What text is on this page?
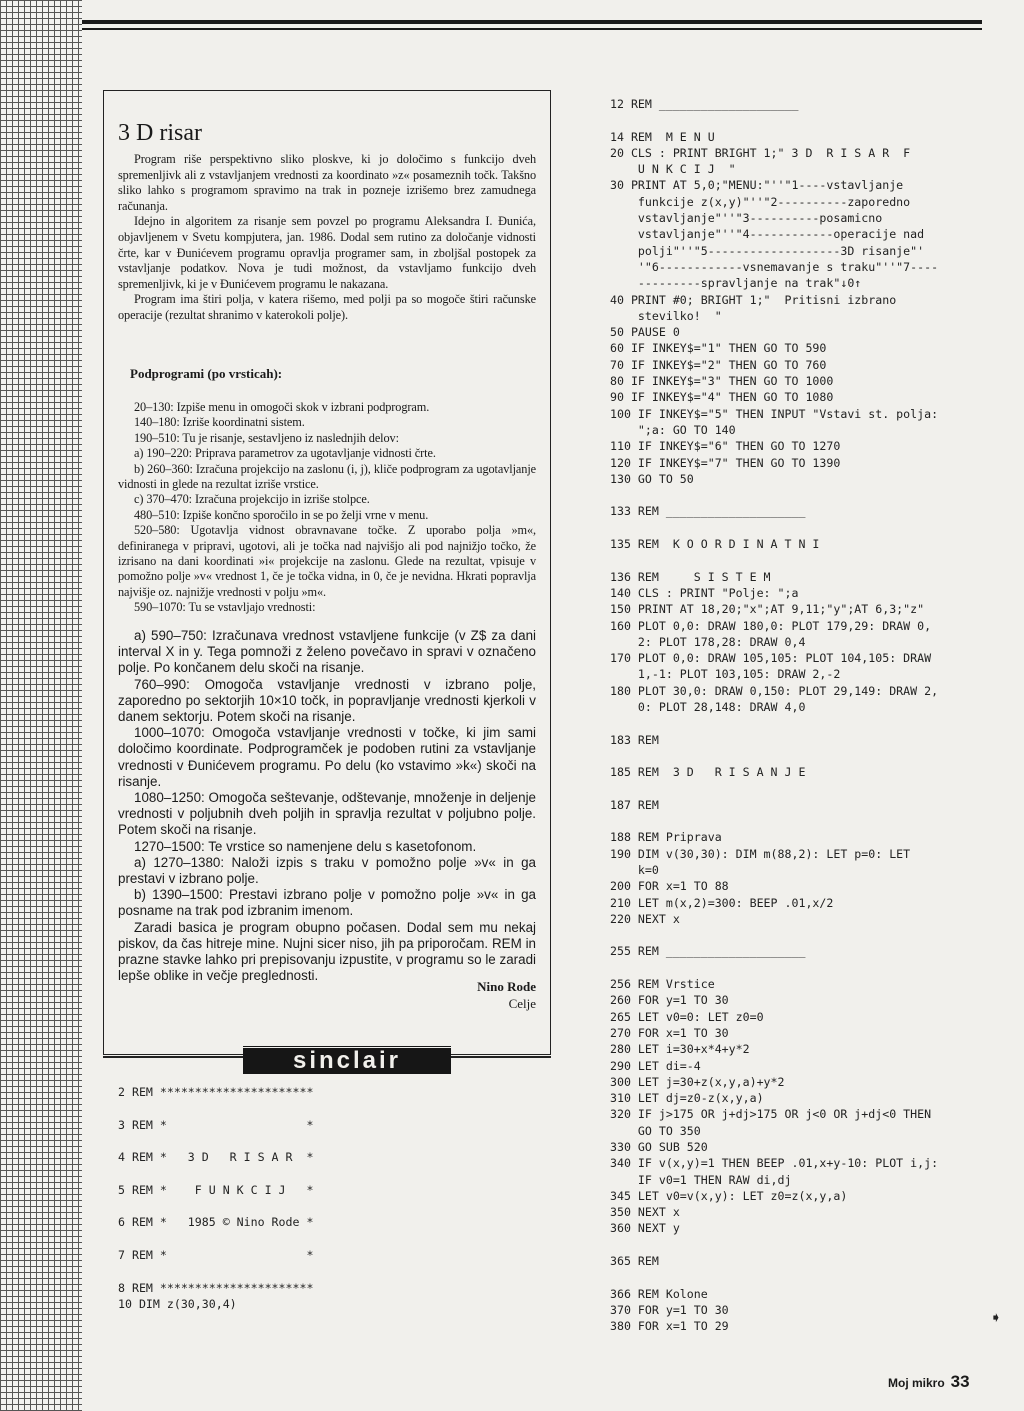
3 D risar

Program riše perspektivno sliko ploskve, ki jo določimo s funkcijo dveh spremenljivk ali z vstavljanjem vrednosti za koordinato »z« posameznih točk. Takšno sliko lahko s programom spravimo na trak in pozneje izrišemo brez zamudnega računanja.

Idejno in algoritem za risanje sem povzel po programu Aleksandra I. Đunića, objavljenem v Svetu kompjutera, jan. 1986. Dodal sem rutino za določanje vidnosti črte, kar v Đunićevem programu opravlja programer sam, in zboljšal postopek za vstavljanje podatkov. Nova je tudi možnost, da vstavljamo funkcijo dveh spremenljivk, ki je v Đunićevem programu le nakazana.

Program ima štiri polja, v katera rišemo, med polji pa so mogoče štiri računske operacije (rezultat shranimo v katerokoli polje).

Podprogrami (po vrsticah):

20–130: Izpiše menu in omogoči skok v izbrani podprogram.

140–180: Izriše koordinatni sistem.

190–510: Tu je risanje, sestavljeno iz naslednjih delov:

a) 190–220: Priprava parametrov za ugotavljanje vidnosti črte.

b) 260–360: Izračuna projekcijo na zaslonu (i, j), kliče podprogram za ugotavljanje vidnosti in glede na rezultat izriše vrstice.

c) 370–470: Izračuna projekcijo in izriše stolpce.

480–510: Izpiše končno sporočilo in se po želji vrne v menu.

520–580: Ugotavlja vidnost obravnavane točke. Z uporabo polja »m«, definiranega v pripravi, ugotovi, ali je točka nad najvišjo ali pod najnižjo točko, že izrisano na dani koordinati »i« projekcije na zaslonu. Glede na rezultat, vpisuje v pomožno polje »v« vrednost 1, če je točka vidna, in 0, če je nevidna. Hkrati popravlja najvišje oz. najnižje vrednosti v polju »m«.

590–1070: Tu se vstavljajo vrednosti:

a) 590–750: Izračunava vrednost vstavljene funkcije (v Z$ za dani interval X in y. Tega pomnoži z želeno povečavo in spravi v označeno polje. Po končanem delu skoči na risanje.

760–990: Omogoča vstavljanje vrednosti v izbrano polje, zaporedno po sektorjih 10×10 točk, in popravljanje vrednosti kjerkoli v danem sektorju. Potem skoči na risanje.

1000–1070: Omogoča vstavljanje vrednosti v točke, ki jim sami določimo koordinate. Podprogramček je podoben rutini za vstavljanje vrednosti v Đunićevem programu. Po delu (ko vstavimo »k«) skoči na risanje.

1080–1250: Omogoča seštevanje, odštevanje, množenje in deljenje vrednosti v poljubnih dveh poljih in spravlja rezultat v poljubno polje. Potem skoči na risanje.

1270–1500: Te vrstice so namenjene delu s kasetofonom.

a) 1270–1380: Naloži izpis s traku v pomožno polje »v« in ga prestavi v izbrano polje.

b) 1390–1500: Prestavi izbrano polje v pomožno polje »v« in ga posname na trak pod izbranim imenom.

Zaradi basica je program obupno počasen. Dodal sem mu nekaj piskov, da čas hitreje mine. Nujni sicer niso, jih pa priporočam. REM in prazne stavke lahko pri prepisovanju izpustite, v programu so le zaradi lepše oblike in večje preglednosti.

Nino Rode
Celje
sinclair
2 REM **********************

3 REM *                    *

4 REM *   3 D   R I S A R  *

5 REM *    F U N K C I J   *

6 REM *   1985 © Nino Rode *

7 REM *                    *

8 REM **********************
10 DIM z(30,30,4)
12 REM ____________________

14 REM  M E N U
20 CLS : PRINT BRIGHT 1;" 3 D  R I S A R  F
U N K C I J  "
30 PRINT AT 5,0;"MENU:"''"1----vstavljanje
funkcije z(x,y)"''"2----------zaporedno
vstavljanje"''"3----------posamicno
vstavljanje"''"4------------operacije nad
polji"''"5-------------------3D risanje"'
'"6------------vsnemavanje s traku"''"7----
---------spravljanje na trak"↓0↑
40 PRINT #0; BRIGHT 1;"  Pritisni izbrano
stevilko!  "
50 PAUSE 0
60 IF INKEY$="1" THEN GO TO 590
70 IF INKEY$="2" THEN GO TO 760
80 IF INKEY$="3" THEN GO TO 1000
90 IF INKEY$="4" THEN GO TO 1080
100 IF INKEY$="5" THEN INPUT "Vstavi st. polja:
";a: GO TO 140
110 IF INKEY$="6" THEN GO TO 1270
120 IF INKEY$="7" THEN GO TO 1390
130 GO TO 50

133 REM ____________________

135 REM  K O O R D I N A T N I

136 REM     S I S T E M
140 CLS : PRINT "Polje: ";a
150 PRINT AT 18,20;"x";AT 9,11;"y";AT 6,3;"z"
160 PLOT 0,0: DRAW 180,0: PLOT 179,29: DRAW 0,
2: PLOT 178,28: DRAW 0,4
170 PLOT 0,0: DRAW 105,105: PLOT 104,105: DRAW
1,-1: PLOT 103,105: DRAW 2,-2
180 PLOT 30,0: DRAW 0,150: PLOT 29,149: DRAW 2,
0: PLOT 28,148: DRAW 4,0

183 REM

185 REM  3 D   R I S A N J E

187 REM

188 REM Priprava
190 DIM v(30,30): DIM m(88,2): LET p=0: LET
k=0
200 FOR x=1 TO 88
210 LET m(x,2)=300: BEEP .01,x/2
220 NEXT x

255 REM ____________________

256 REM Vrstice
260 FOR y=1 TO 30
265 LET v0=0: LET z0=0
270 FOR x=1 TO 30
280 LET i=30+x*4+y*2
290 LET di=-4
300 LET j=30+z(x,y,a)+y*2
310 LET dj=z0-z(x,y,a)
320 IF j>175 OR j+dj>175 OR j<0 OR j+dj<0 THEN
GO TO 350
330 GO SUB 520
340 IF v(x,y)=1 THEN BEEP .01,x+y-10: PLOT i,j:
IF v0=1 THEN RAW di,dj
345 LET v0=v(x,y): LET z0=z(x,y,a)
350 NEXT x
360 NEXT y

365 REM

366 REM Kolone
370 FOR y=1 TO 30
380 FOR x=1 TO 29
➧
Moj mikro 33
